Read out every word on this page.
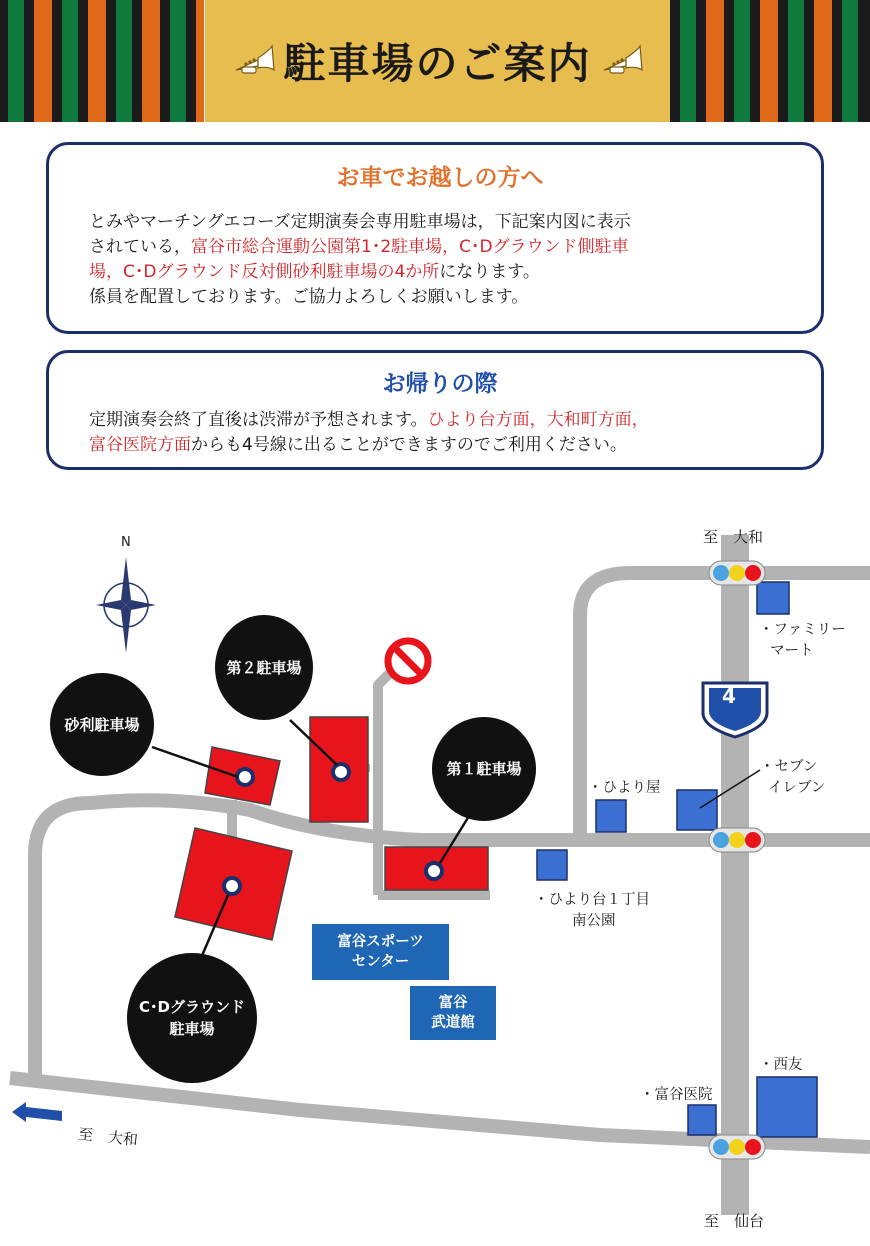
駐車場のご案内
お車でお越しの方へ

とみやマーチングエコーズ定期演奏会専用駐車場は，下記案内図に表示

されている，富谷市総合運動公園第1･2駐車場，C･Dグラウンド側駐車

場，C･Dグラウンド反対側砂利駐車場の4か所になります。

係員を配置しております。ご協力よろしくお願いします。

お帰りの際

定期演奏会終了直後は渋滞が予想されます。ひより台方面，大和町方面，

富谷医院方面からも4号線に出ることができますのでご利用ください。

N
4
至　大和
至　仙台
至　大和
第２駐車場
砂利駐車場
第１駐車場
C･Dグラウンド
駐車場
・ファミリー
マート
・セブン
イレブン
・ひより屋
・ひより台１丁目
南公園
・西友
・富谷医院
富谷スポーツ
センター
富谷
武道館
